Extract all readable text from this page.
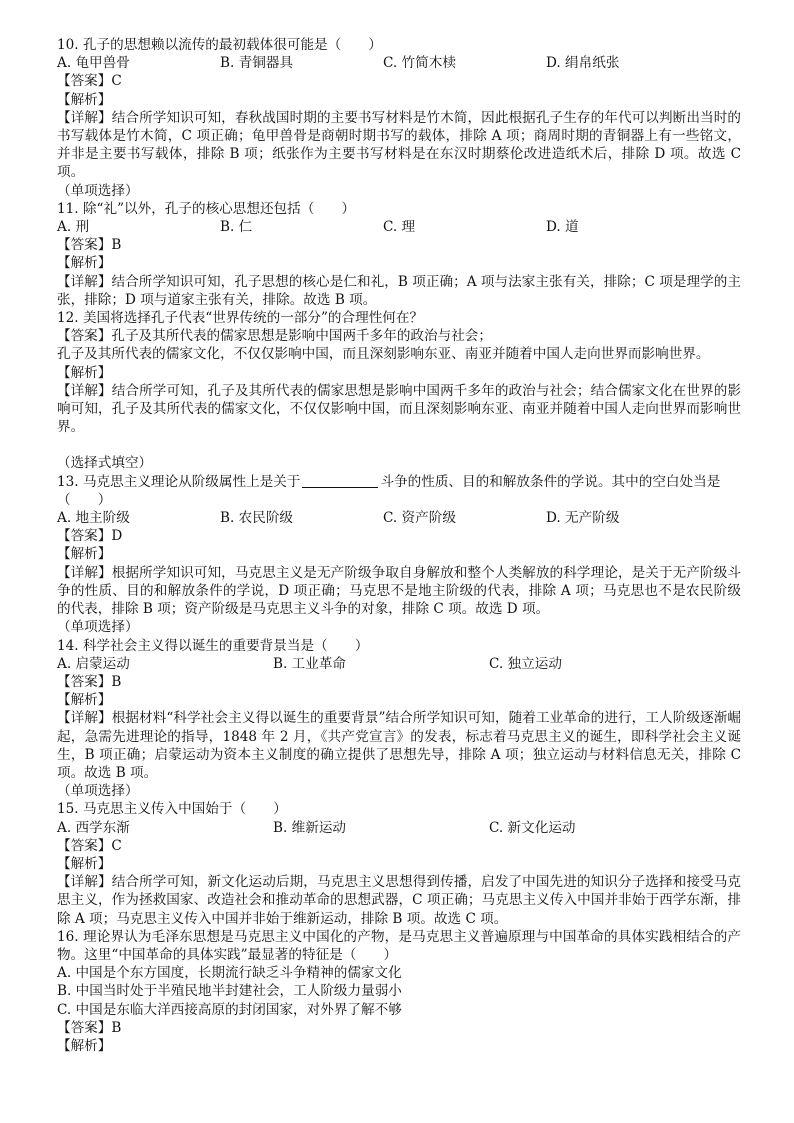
10. 孔子的思想赖以流传的最初载体很可能是（　　）
A. 龟甲兽骨	B. 青铜器具	C. 竹简木椟	D. 绢帛纸张
【答案】C
【解析】
【详解】结合所学知识可知，春秋战国时期的主要书写材料是竹木简，因此根据孔子生存的年代可以判断出当时的书写载体是竹木简，C 项正确；龟甲兽骨是商朝时期书写的载体，排除 A 项；商周时期的青铜器上有一些铭文，并非是主要书写载体，排除 B 项；纸张作为主要书写材料是在东汉时期蔡伦改进造纸术后，排除 D 项。故选 C 项。
（单项选择）
11. 除“礼”以外，孔子的核心思想还包括（　　）
A. 刑	B. 仁	C. 理	D. 道
【答案】B
【解析】
【详解】结合所学知识可知，孔子思想的核心是仁和礼，B 项正确；A 项与法家主张有关，排除；C 项是理学的主张，排除；D 项与道家主张有关，排除。故选 B 项。
12. 美国将选择孔子代表“世界传统的一部分”的合理性何在？
【答案】孔子及其所代表的儒家思想是影响中国两千多年的政治与社会；
孔子及其所代表的儒家文化，不仅仅影响中国，而且深刻影响东亚、南亚并随着中国人走向世界而影响世界。
【解析】
【详解】结合所学可知，孔子及其所代表的儒家思想是影响中国两千多年的政治与社会；结合儒家文化在世界的影响可知，孔子及其所代表的儒家文化，不仅仅影响中国，而且深刻影响东亚、南亚并随着中国人走向世界而影响世界。
（选择式填空）
13. 马克思主义理论从阶级属性上是关于	斗争的性质、目的和解放条件的学说。其中的空白处当是
（　　）
A. 地主阶级	B. 农民阶级	C. 资产阶级	D. 无产阶级
【答案】D
【解析】
【详解】根据所学知识可知，马克思主义是无产阶级争取自身解放和整个人类解放的科学理论，是关于无产阶级斗争的性质、目的和解放条件的学说，D 项正确；马克思不是地主阶级的代表，排除 A 项；马克思也不是农民阶级的代表，排除 B 项；资产阶级是马克思主义斗争的对象，排除 C 项。故选 D 项。
（单项选择）
14. 科学社会主义得以诞生的重要背景当是（　　）
A. 启蒙运动	B. 工业革命	C. 独立运动
【答案】B
【解析】
【详解】根据材料“科学社会主义得以诞生的重要背景”结合所学知识可知，随着工业革命的进行，工人阶级逐渐崛起，急需先进理论的指导，1848 年 2 月，《共产党宣言》的发表，标志着马克思主义的诞生，即科学社会主义诞生，B 项正确；启蒙运动为资本主义制度的确立提供了思想先导，排除 A 项；独立运动与材料信息无关，排除 C 项。故选 B 项。
（单项选择）
15. 马克思主义传入中国始于（　　）
A. 西学东渐	B. 维新运动	C. 新文化运动
【答案】C
【解析】
【详解】结合所学可知，新文化运动后期，马克思主义思想得到传播，启发了中国先进的知识分子选择和接受马克思主义，作为拯救国家、改造社会和推动革命的思想武器，C 项正确；马克思主义传入中国并非始于西学东渐，排除 A 项；马克思主义传入中国并非始于维新运动，排除 B 项。故选 C 项。
16. 理论界认为毛泽东思想是马克思主义中国化的产物，是马克思主义普遍原理与中国革命的具体实践相结合的产物。这里“中国革命的具体实践”最显著的特征是（　　）
A. 中国是个东方国度，长期流行缺乏斗争精神的儒家文化
B. 中国当时处于半殖民地半封建社会，工人阶级力量弱小
C. 中国是东临大洋西接高原的封闭国家，对外界了解不够
【答案】B
【解析】
